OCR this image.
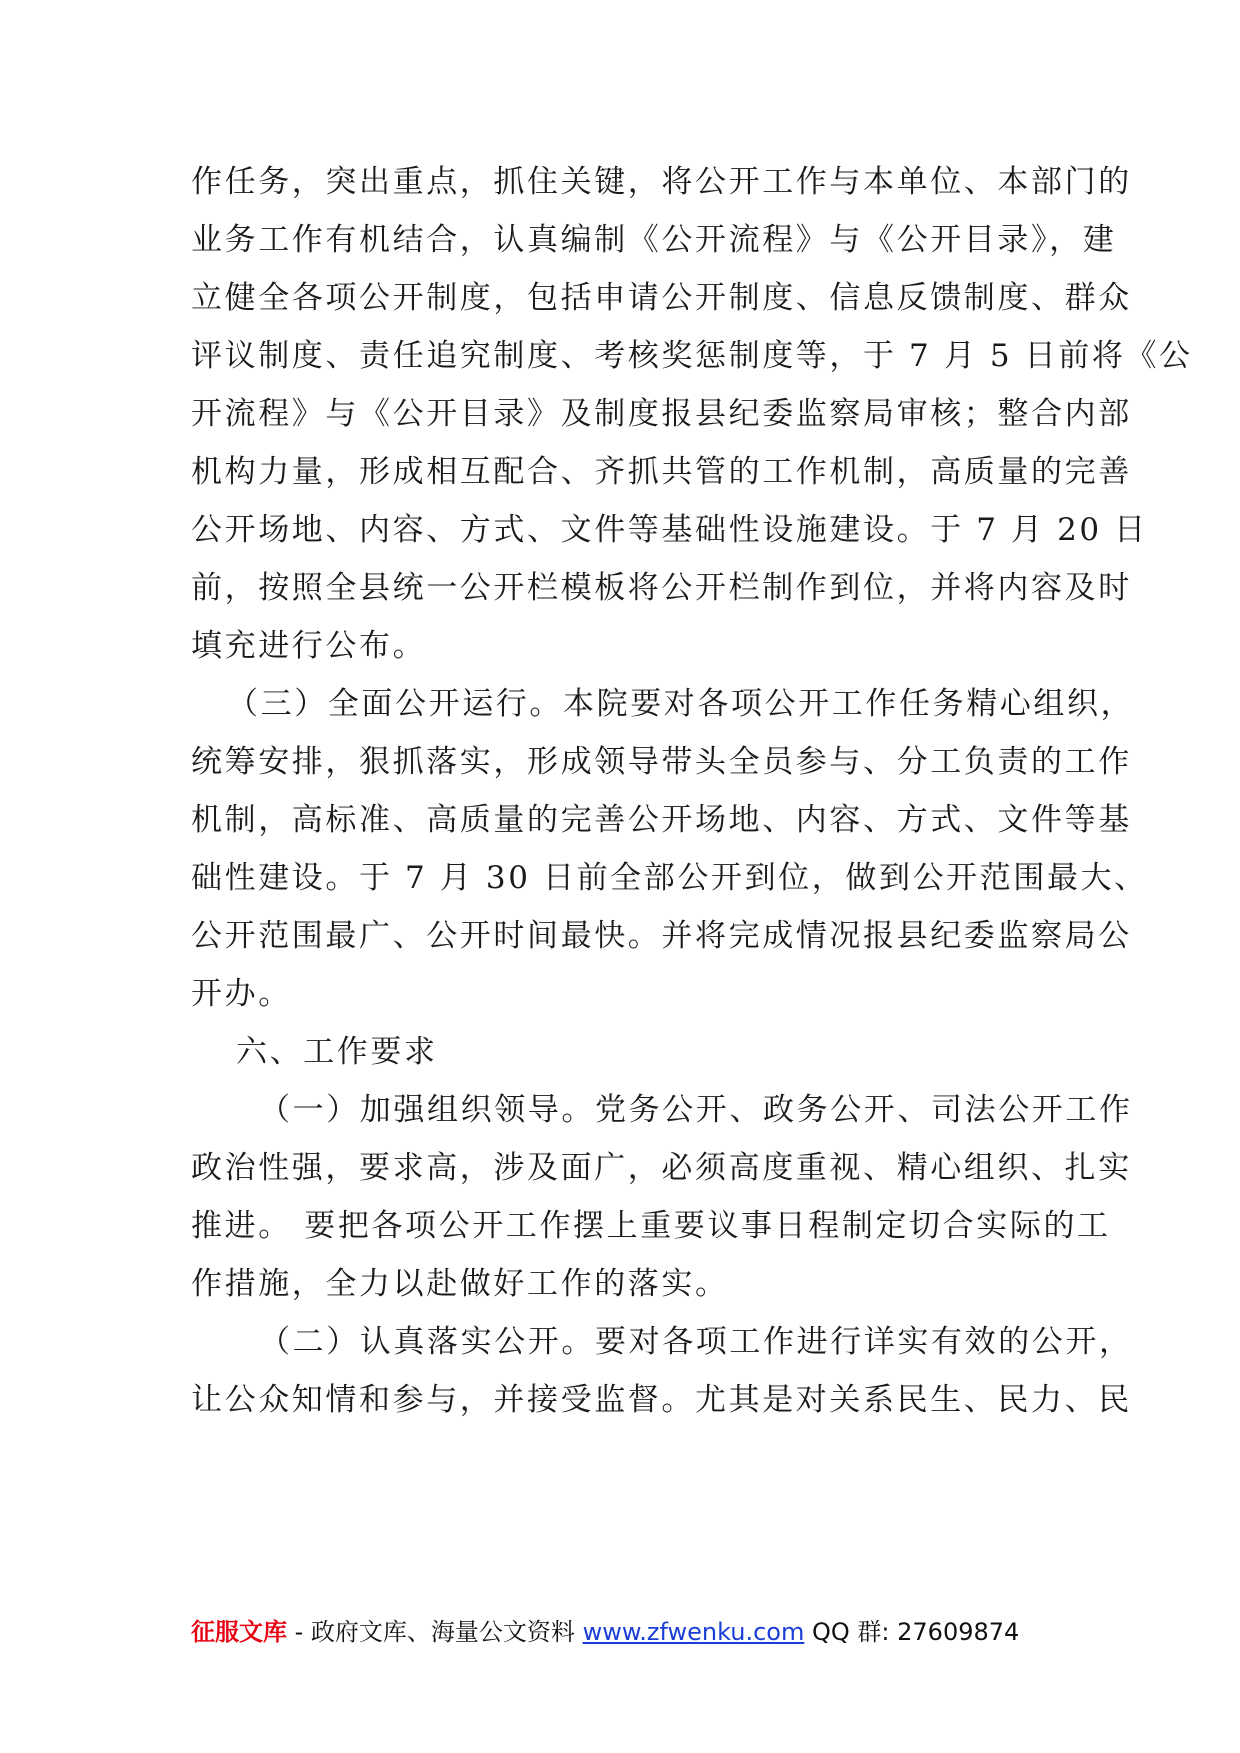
作任务，突出重点，抓住关键，将公开工作与本单位、本部门的
业务工作有机结合，认真编制《公开流程》与《公开目录》，建
立健全各项公开制度，包括申请公开制度、信息反馈制度、群众
评议制度、责任追究制度、考核奖惩制度等，于 7 月 5 日前将《公
开流程》与《公开目录》及制度报县纪委监察局审核；整合内部
机构力量，形成相互配合、齐抓共管的工作机制，高质量的完善
公开场地、内容、方式、文件等基础性设施建设。于 7 月 20 日
前，按照全县统一公开栏模板将公开栏制作到位，并将内容及时
填充进行公布。
（三）全面公开运行。本院要对各项公开工作任务精心组织，
统筹安排，狠抓落实，形成领导带头全员参与、分工负责的工作
机制，高标准、高质量的完善公开场地、内容、方式、文件等基
础性建设。于 7 月 30 日前全部公开到位，做到公开范围最大、
公开范围最广、公开时间最快。并将完成情况报县纪委监察局公
开办。
六、工作要求
（一）加强组织领导。党务公开、政务公开、司法公开工作
政治性强，要求高，涉及面广，必须高度重视、精心组织、扎实
推进。 要把各项公开工作摆上重要议事日程制定切合实际的工
作措施，全力以赴做好工作的落实。
（二）认真落实公开。要对各项工作进行详实有效的公开，
让公众知情和参与，并接受监督。尤其是对关系民生、民力、民
征服文库 - 政府文库、海量公文资料 www.zfwenku.com QQ 群: 27609874
